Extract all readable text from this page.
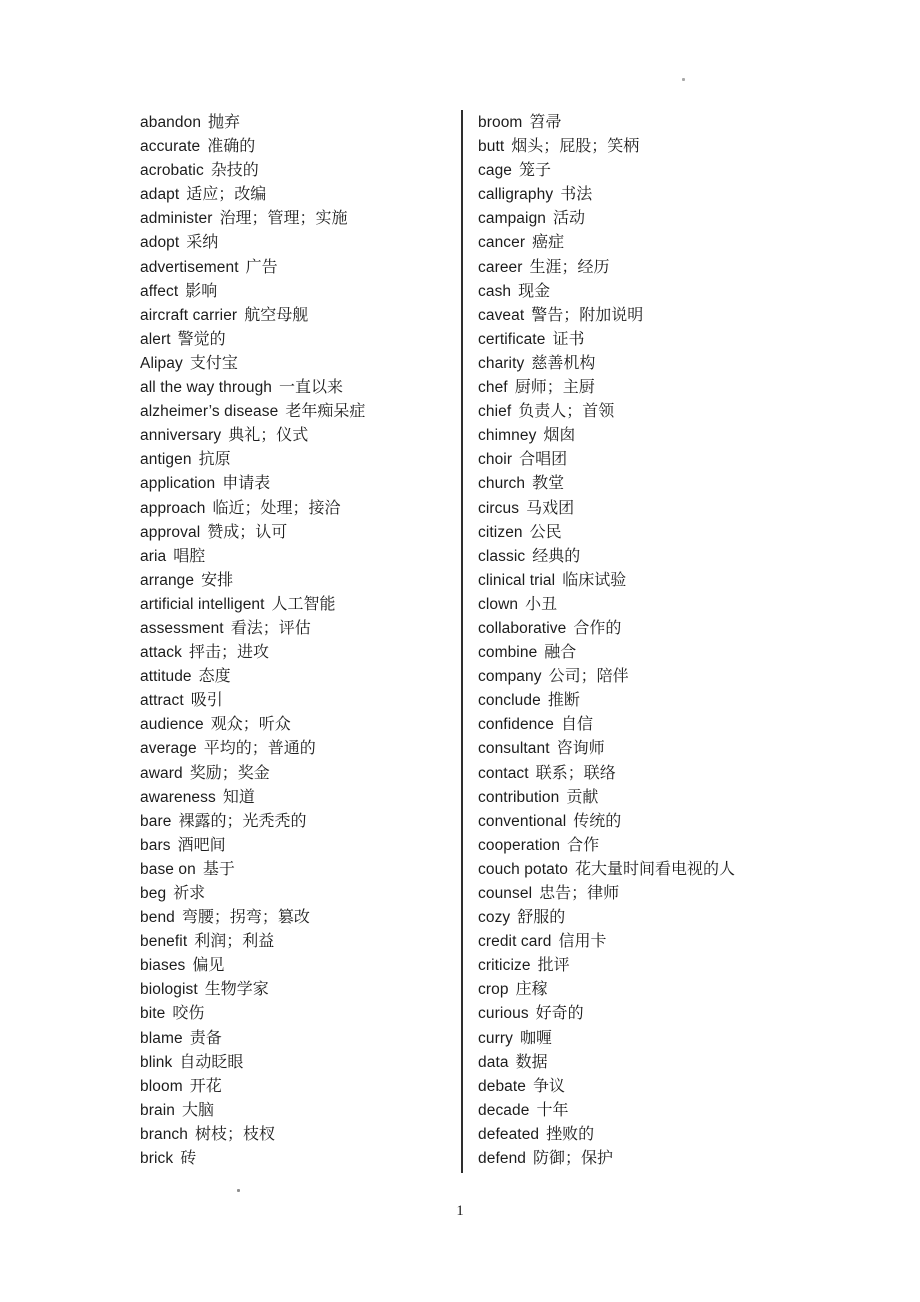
abandon 抛弃
accurate 准确的
acrobatic 杂技的
adapt 适应；改编
administer 治理；管理；实施
adopt 采纳
advertisement 广告
affect 影响
aircraft carrier 航空母舰
alert 警觉的
Alipay 支付宝
all the way through 一直以来
alzheimer’s disease 老年痴呆症
anniversary 典礼；仪式
antigen 抗原
application 申请表
approach 临近；处理；接洽
approval 赞成；认可
aria 唱腔
arrange 安排
artificial intelligent 人工智能
assessment 看法；评估
attack 抨击；进攻
attitude 态度
attract 吸引
audience 观众；听众
average 平均的；普通的
award 奖励；奖金
awareness 知道
bare 裸露的；光秃秃的
bars 酒吧间
base on 基于
beg 祈求
bend 弯腰；拐弯；篡改
benefit 利润；利益
biases 偏见
biologist 生物学家
bite 咬伤
blame 责备
blink 自动眨眼
bloom 开花
brain 大脑
branch 树枝；枝杈
brick 砖
broom 笤帚
butt 烟头；屁股；笑柄
cage 笼子
calligraphy 书法
campaign 活动
cancer 癌症
career 生涯；经历
cash 现金
caveat 警告；附加说明
certificate 证书
charity 慈善机构
chef 厨师；主厨
chief 负责人；首领
chimney 烟囱
choir 合唱团
church 教堂
circus 马戏团
citizen 公民
classic 经典的
clinical trial 临床试验
clown 小丑
collaborative 合作的
combine 融合
company 公司；陪伴
conclude 推断
confidence 自信
consultant 咨询师
contact 联系；联络
contribution 贡献
conventional 传统的
cooperation 合作
couch potato 花大量时间看电视的人
counsel 忠告；律师
cozy 舒服的
credit card 信用卡
criticize 批评
crop 庄稼
curious 好奇的
curry 咖喱
data 数据
debate 争议
decade 十年
defeated 挫败的
defend 防御；保护
1
